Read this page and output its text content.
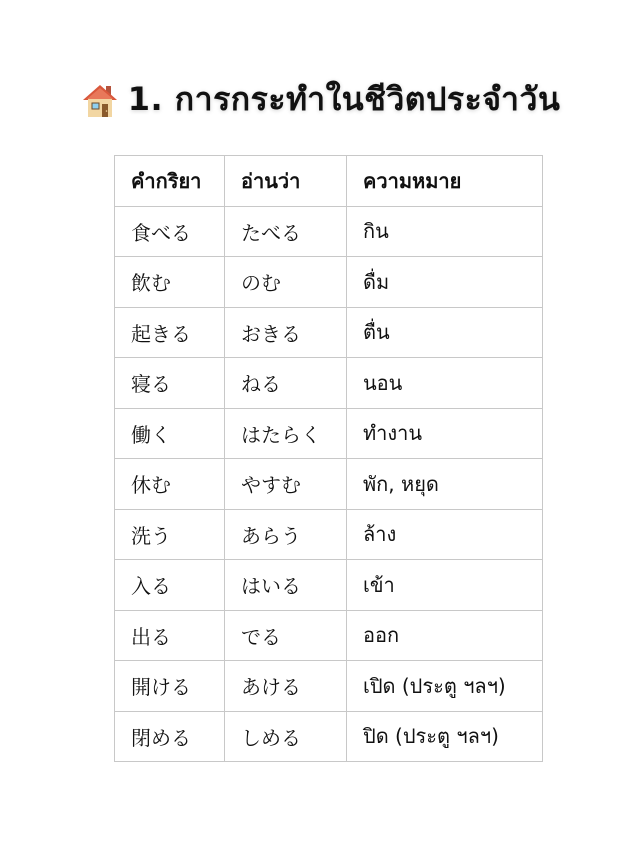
1. การกระทำในชีวิตประจำวัน
คำกริยา	อ่านว่า	ความหมาย
食べる	たべる	กิน
飲む	のむ	ดื่ม
起きる	おきる	ตื่น
寝る	ねる	นอน
働く	はたらく	ทำงาน
休む	やすむ	พัก, หยุด
洗う	あらう	ล้าง
入る	はいる	เข้า
出る	でる	ออก
開ける	あける	เปิด (ประตู ฯลฯ)
閉める	しめる	ปิด (ประตู ฯลฯ)
